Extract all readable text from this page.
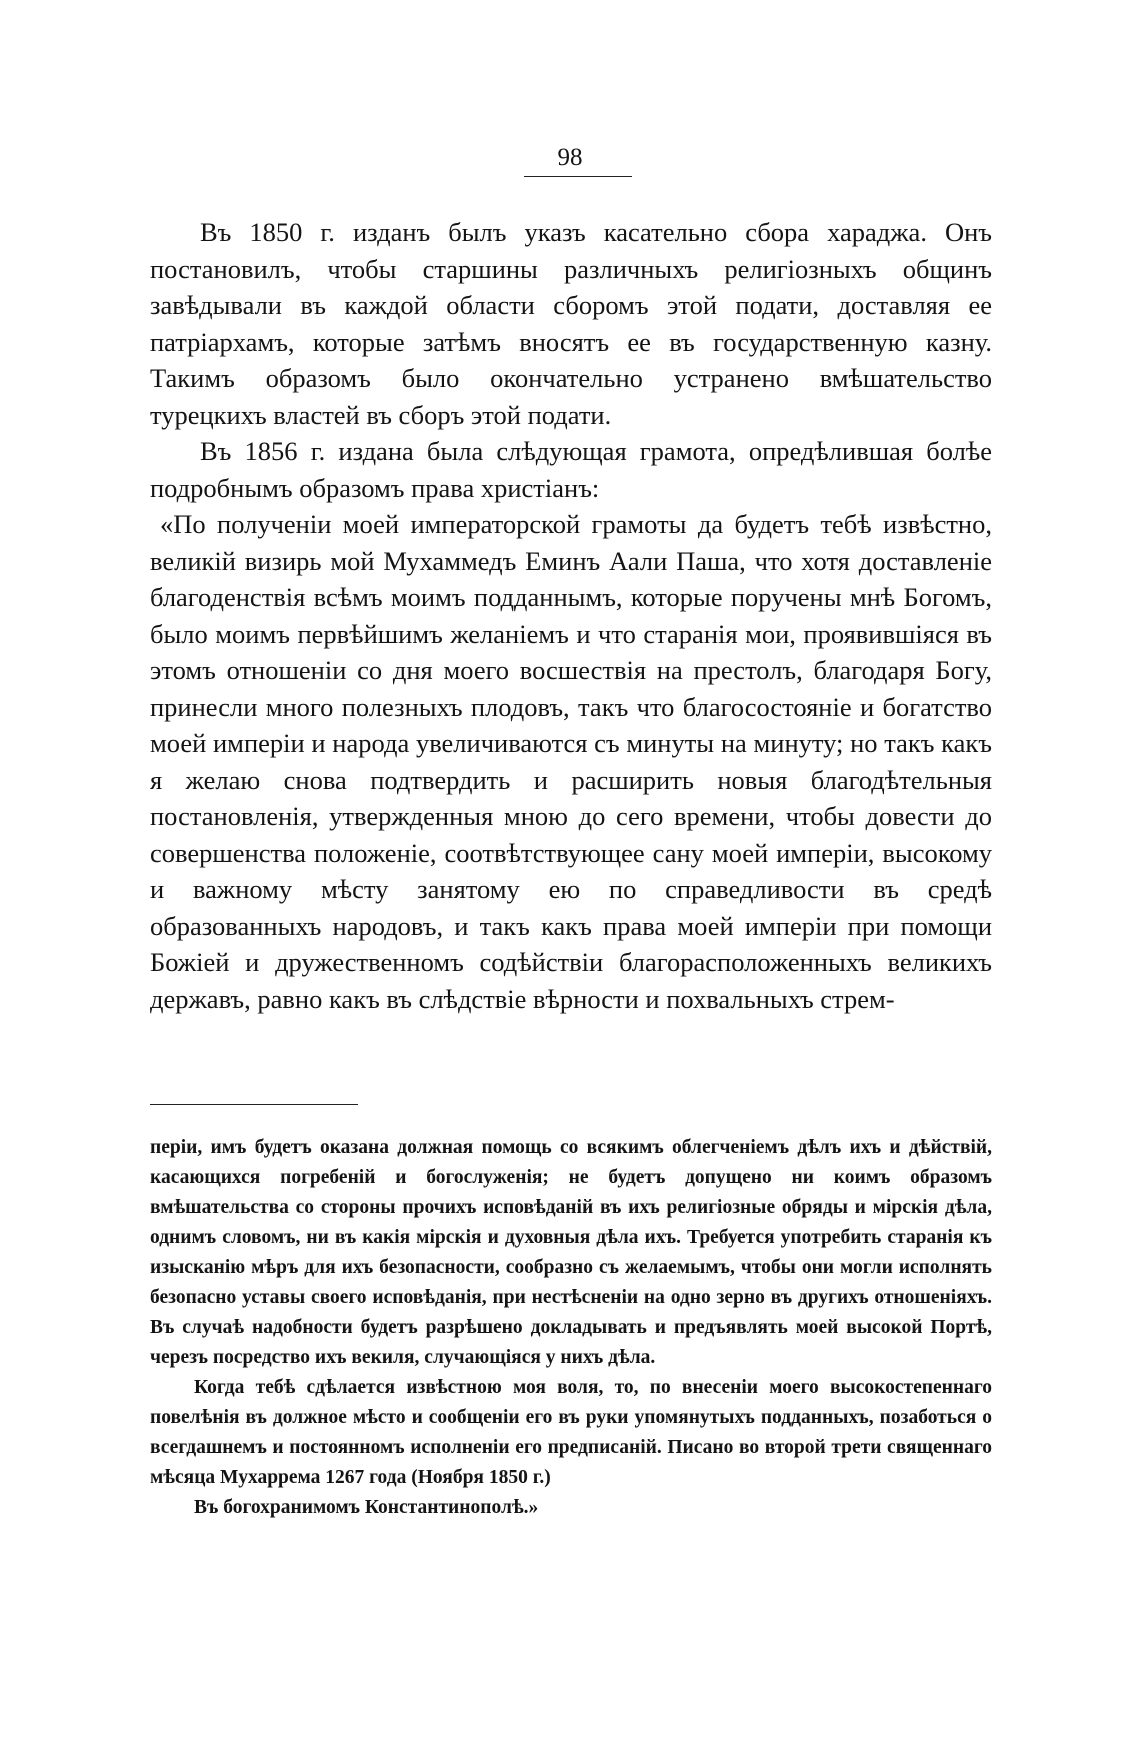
98

Въ 1850 г. изданъ былъ указъ касательно сбора хараджа. Онъ постановилъ, чтобы старшины различныхъ религіозныхъ общинъ завѣдывали въ каждой области сборомъ этой подати, доставляя ее патріархамъ, которые затѣмъ вносятъ ее въ государственную казну. Такимъ образомъ было окончательно устранено вмѣшательство турецкихъ властей въ сборъ этой подати.

Въ 1856 г. издана была слѣдующая грамота, опредѣлившая болѣе подробнымъ образомъ права христіанъ:

«По полученіи моей императорской грамоты да будетъ тебѣ извѣстно, великій визирь мой Мухаммедъ Еминъ Аали Паша, что хотя доставленіе благоденствія всѣмъ моимъ подданнымъ, которые поручены мнѣ Богомъ, было моимъ первѣйшимъ желаніемъ и что старанія мои, проявившіяся въ этомъ отношеніи со дня моего восшествія на престолъ, благодаря Богу, принесли много полезныхъ плодовъ, такъ что благосостояніе и богатство моей имперіи и народа увеличиваются съ минуты на минуту; но такъ какъ я желаю снова подтвердить и расширить новыя благодѣтельныя постановленія, утвержденныя мною до сего времени, чтобы довести до совершенства положеніе, соотвѣтствующее сану моей имперіи, высокому и важному мѣсту занятому ею по справедливости въ средѣ образованныхъ народовъ, и такъ какъ права моей имперіи при помощи Божіей и дружественномъ содѣйствіи благорасположенныхъ великихъ державъ, равно какъ въ слѣдствіе вѣрности и похвальныхъ стрем-

періи, имъ будетъ оказана должная помощь со всякимъ облегченіемъ дѣлъ ихъ и дѣйствій, касающихся погребеній и богослуженія; не будетъ допущено ни коимъ образомъ вмѣшательства со стороны прочихъ исповѣданій въ ихъ религіозные обряды и мірскія дѣла, однимъ словомъ, ни въ какія мірскія и духовныя дѣла ихъ. Требуется употребить старанія къ изысканію мѣръ для ихъ безопасности, сообразно съ желаемымъ, чтобы они могли исполнять безопасно уставы своего исповѣданія, при нестѣсненіи на одно зерно въ другихъ отношеніяхъ. Въ случаѣ надобности будетъ разрѣшено докладывать и предъявлять моей высокой Портѣ, черезъ посредство ихъ векиля, случающіяся у нихъ дѣла.

Когда тебѣ сдѣлается извѣстною моя воля, то, по внесеніи моего высокостепеннаго повелѣнія въ должное мѣсто и сообщеніи его въ руки упомянутыхъ подданныхъ, позаботься о всегдашнемъ и постоянномъ исполненіи его предписаній. Писано во второй трети священнаго мѣсяца Мухаррема 1267 года (Ноября 1850 г.)

Въ богохранимомъ Константинополѣ.»
